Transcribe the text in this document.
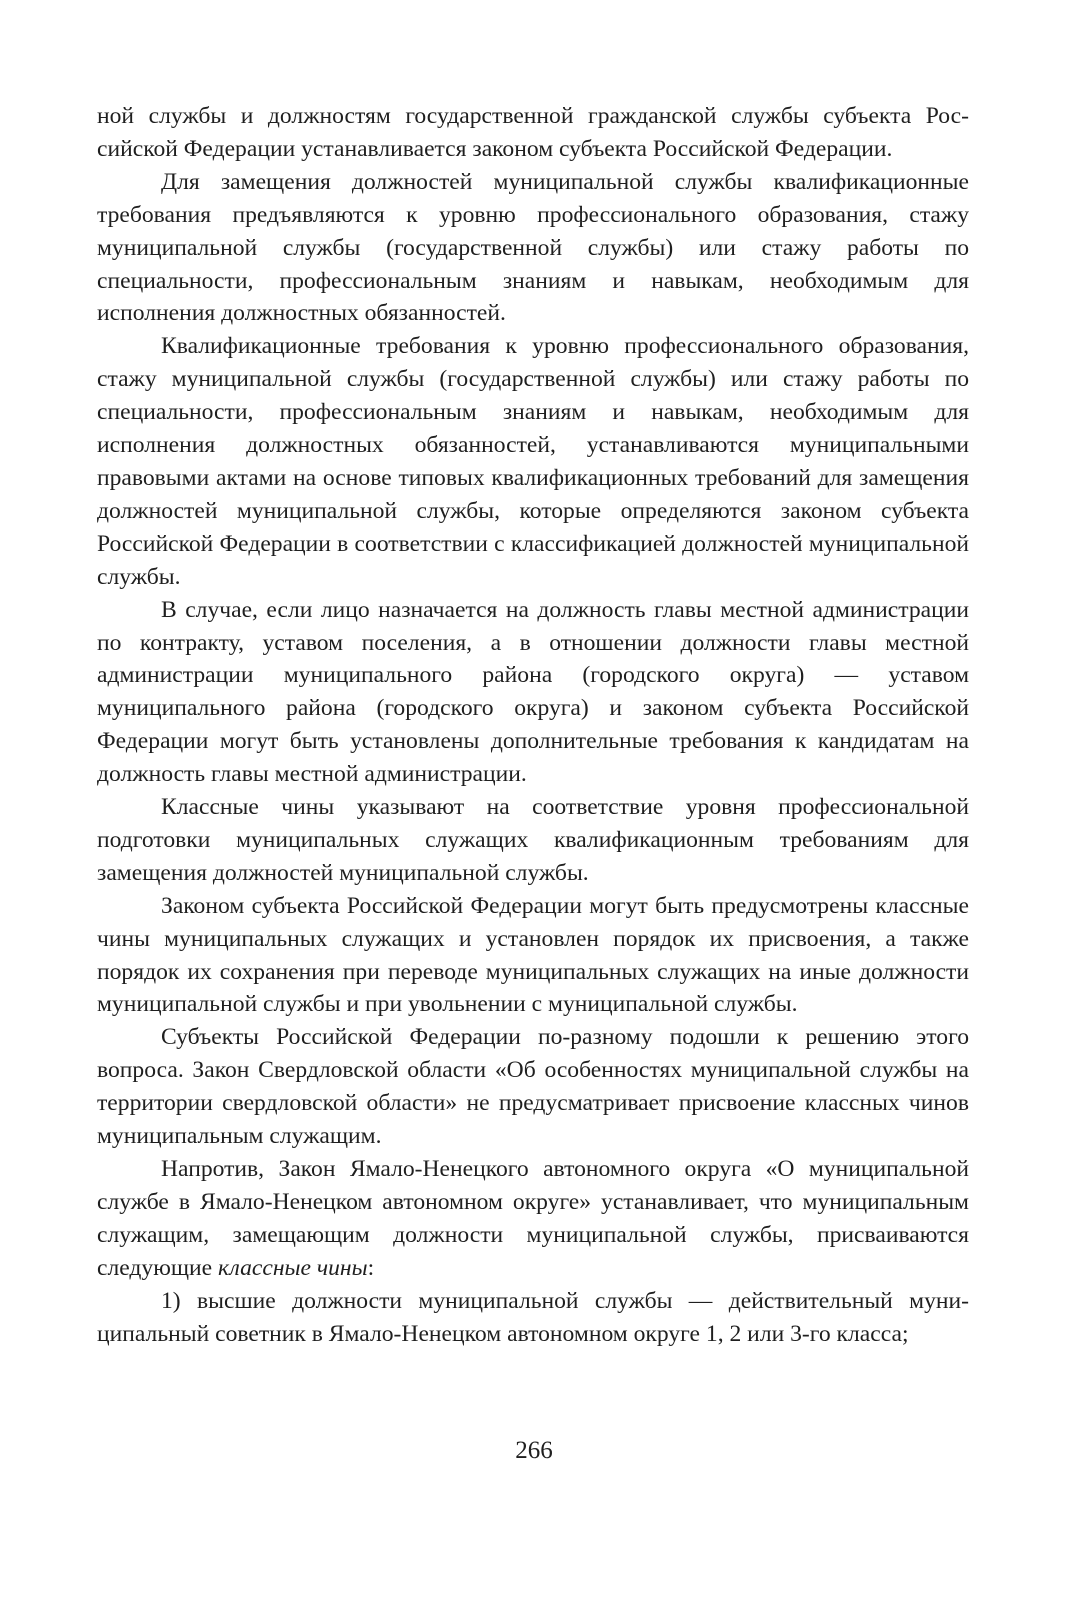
ной службы и должностям государственной гражданской службы субъекта Российской Федерации устанавливается законом субъекта Российской Федерации.

Для замещения должностей муниципальной службы квалификационные требования предъявляются к уровню профессионального образования, стажу муниципальной службы (государственной службы) или стажу работы по специальности, профессиональным знаниям и навыкам, необходимым для исполнения должностных обязанностей.

Квалификационные требования к уровню профессионального образования, стажу муниципальной службы (государственной службы) или стажу работы по специальности, профессиональным знаниям и навыкам, необходимым для исполнения должностных обязанностей, устанавливаются муниципальными правовыми актами на основе типовых квалификационных требований для замещения должностей муниципальной службы, которые определяются законом субъекта Российской Федерации в соответствии с классификацией должностей муниципальной службы.

В случае, если лицо назначается на должность главы местной администрации по контракту, уставом поселения, а в отношении должности главы местной администрации муниципального района (городского округа) — уставом муниципального района (городского округа) и законом субъекта Российской Федерации могут быть установлены дополнительные требования к кандидатам на должность главы местной администрации.

Классные чины указывают на соответствие уровня профессиональной подготовки муниципальных служащих квалификационным требованиям для замещения должностей муниципальной службы.

Законом субъекта Российской Федерации могут быть предусмотрены классные чины муниципальных служащих и установлен порядок их присвоения, а также порядок их сохранения при переводе муниципальных служащих на иные должности муниципальной службы и при увольнении с муниципальной службы.

Субъекты Российской Федерации по-разному подошли к решению этого вопроса. Закон Свердловской области «Об особенностях муниципальной службы на территории свердловской области» не предусматривает присвоение классных чинов муниципальным служащим.

Напротив, Закон Ямало-Ненецкого автономного округа «О муниципальной службе в Ямало-Ненецком автономном округе» устанавливает, что муниципальным служащим, замещающим должности муниципальной службы, присваиваются следующие классные чины:

1) высшие должности муниципальной службы — действительный муниципальный советник в Ямало-Ненецком автономном округе 1, 2 или 3-го класса;

266
